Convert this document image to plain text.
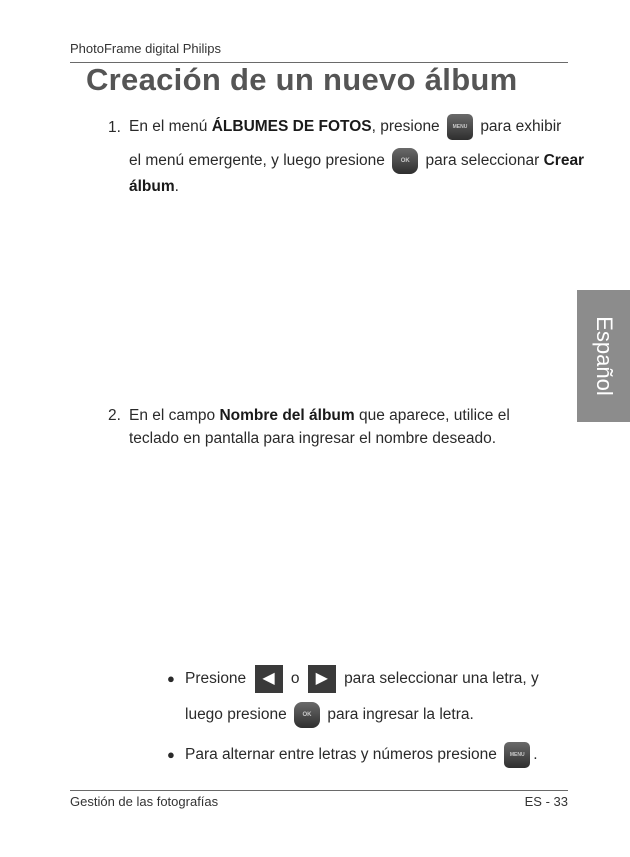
PhotoFrame digital Philips
Creación de un nuevo álbum
1. En el menú ÁLBUMES DE FOTOS, presione	MENU para exhibir
el menú emergente, y luego presione	OK para seleccionar Crear
álbum.
2. En el campo Nombre del álbum que aparece, utilice el
teclado en pantalla para ingresar el nombre deseado.
● Presione ◀ o ▶ para seleccionar una letra, y
luego presione	OK para ingresar la letra.
● Para alternar entre letras y números presione	MENU .
Español
Gestión de las fotografías	ES - 33
